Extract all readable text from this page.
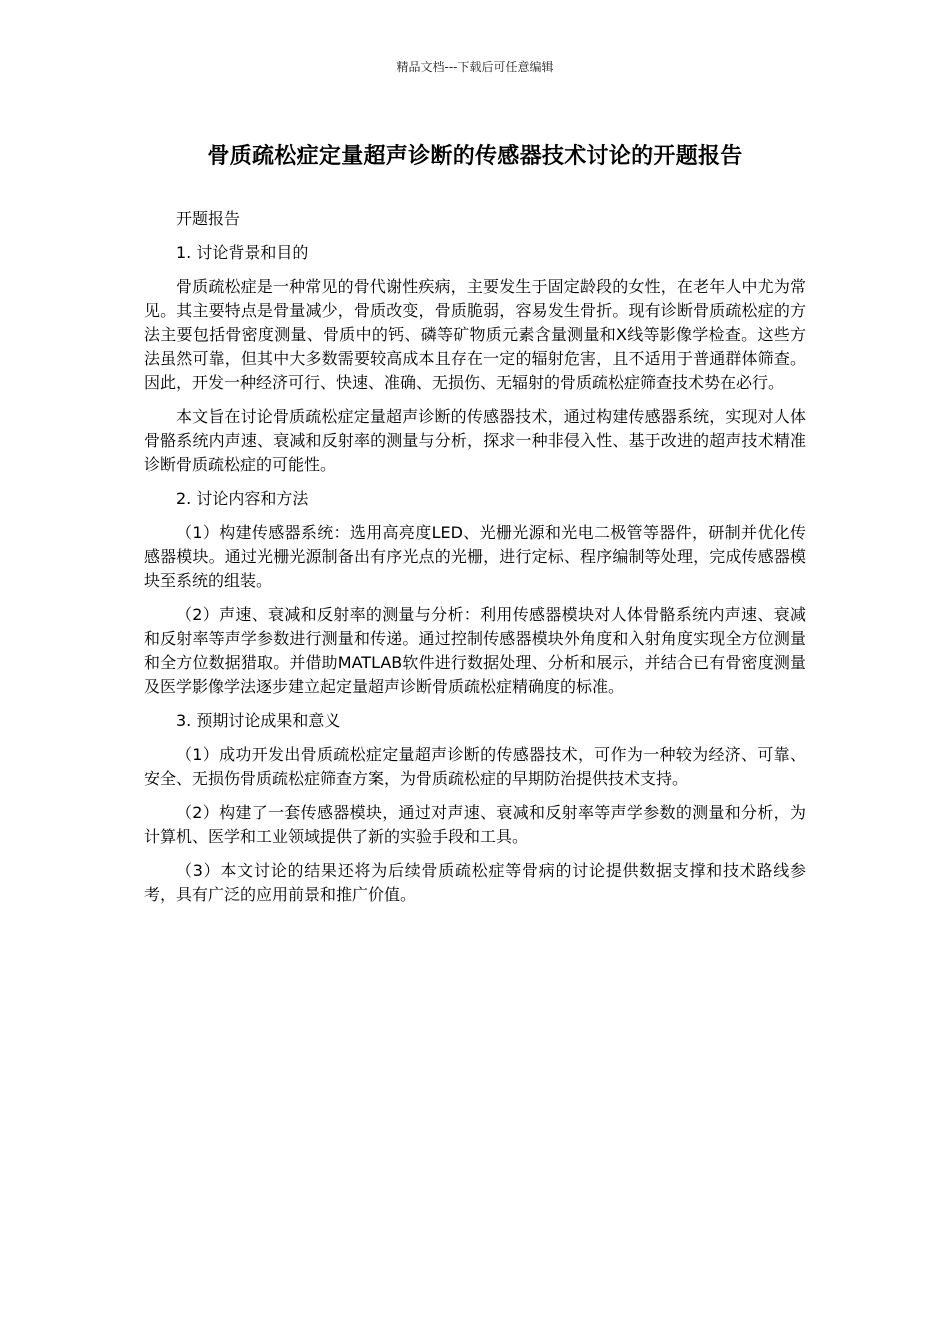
精品文档---下载后可任意编辑
骨质疏松症定量超声诊断的传感器技术讨论的开题报告

开题报告

1. 讨论背景和目的

骨质疏松症是一种常见的骨代谢性疾病，主要发生于固定龄段的女性，在老年人中尤为常见。其主要特点是骨量减少，骨质改变，骨质脆弱，容易发生骨折。现有诊断骨质疏松症的方法主要包括骨密度测量、骨质中的钙、磷等矿物质元素含量测量和X线等影像学检查。这些方法虽然可靠，但其中大多数需要较高成本且存在一定的辐射危害，且不适用于普通群体筛查。因此，开发一种经济可行、快速、准确、无损伤、无辐射的骨质疏松症筛查技术势在必行。

本文旨在讨论骨质疏松症定量超声诊断的传感器技术，通过构建传感器系统，实现对人体骨骼系统内声速、衰减和反射率的测量与分析，探求一种非侵入性、基于改进的超声技术精准诊断骨质疏松症的可能性。

2. 讨论内容和方法

（1）构建传感器系统：选用高亮度LED、光栅光源和光电二极管等器件，研制并优化传感器模块。通过光栅光源制备出有序光点的光栅，进行定标、程序编制等处理，完成传感器模块至系统的组装。

（2）声速、衰减和反射率的测量与分析：利用传感器模块对人体骨骼系统内声速、衰减和反射率等声学参数进行测量和传递。通过控制传感器模块外角度和入射角度实现全方位测量和全方位数据猎取。并借助MATLAB软件进行数据处理、分析和展示，并结合已有骨密度测量及医学影像学法逐步建立起定量超声诊断骨质疏松症精确度的标准。

3. 预期讨论成果和意义

（1）成功开发出骨质疏松症定量超声诊断的传感器技术，可作为一种较为经济、可靠、安全、无损伤骨质疏松症筛查方案，为骨质疏松症的早期防治提供技术支持。

（2）构建了一套传感器模块，通过对声速、衰减和反射率等声学参数的测量和分析，为计算机、医学和工业领域提供了新的实验手段和工具。

（3）本文讨论的结果还将为后续骨质疏松症等骨病的讨论提供数据支撑和技术路线参考，具有广泛的应用前景和推广价值。
